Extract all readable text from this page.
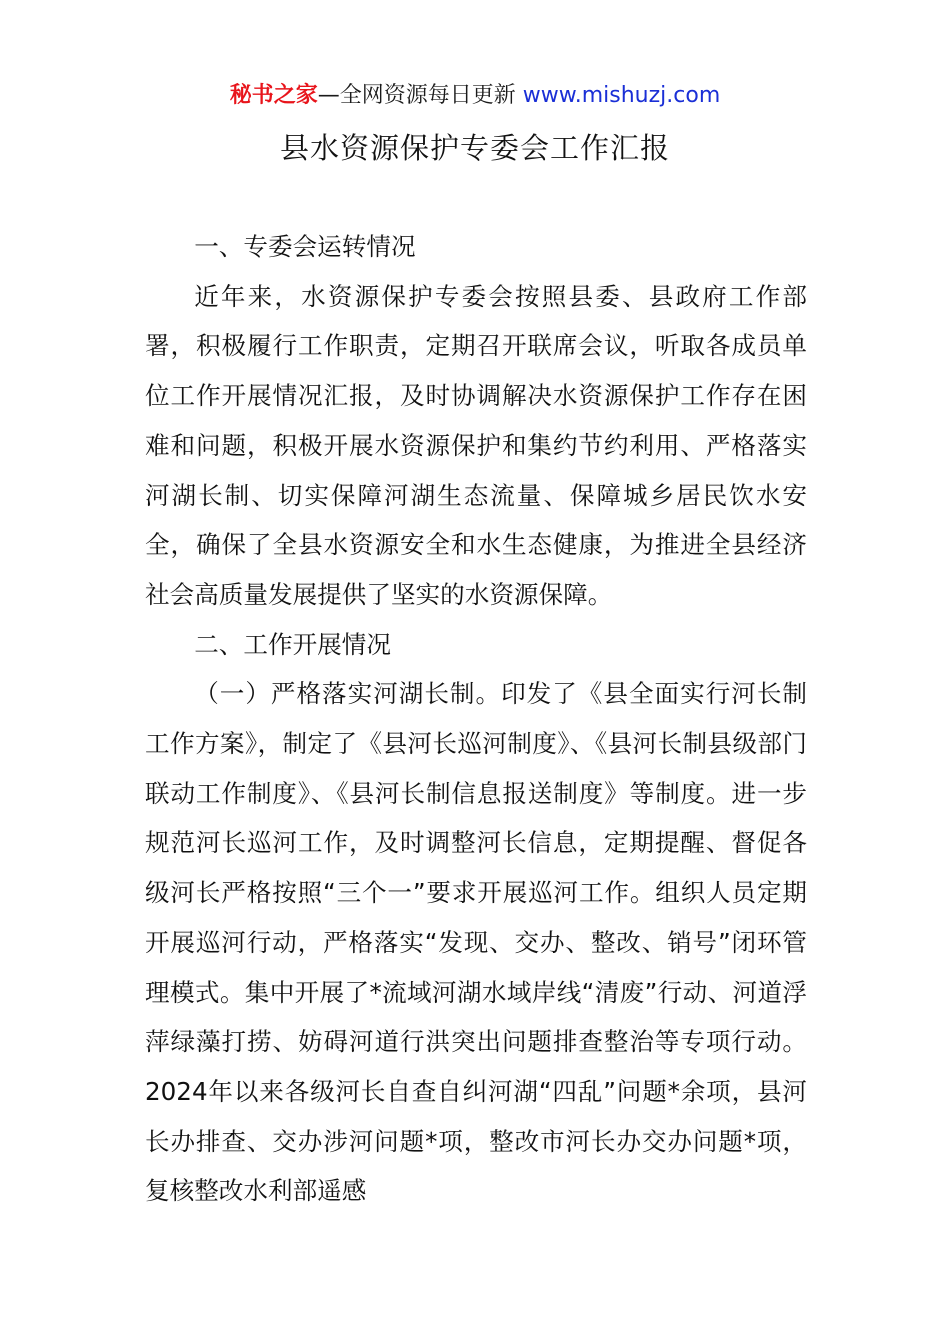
秘书之家—全网资源每日更新 www.mishuzj.com
县水资源保护专委会工作汇报

一、专委会运转情况

近年来，水资源保护专委会按照县委、县政府工作部署，积极履行工作职责，定期召开联席会议，听取各成员单位工作开展情况汇报，及时协调解决水资源保护工作存在困难和问题，积极开展水资源保护和集约节约利用、严格落实河湖长制、切实保障河湖生态流量、保障城乡居民饮水安全，确保了全县水资源安全和水生态健康，为推进全县经济社会高质量发展提供了坚实的水资源保障。

二、工作开展情况

（一）严格落实河湖长制。印发了《县全面实行河长制工作方案》，制定了《县河长巡河制度》、《县河长制县级部门联动工作制度》、《县河长制信息报送制度》等制度。进一步规范河长巡河工作，及时调整河长信息，定期提醒、督促各级河长严格按照“三个一”要求开展巡河工作。组织人员定期开展巡河行动，严格落实“发现、交办、整改、销号”闭环管理模式。集中开展了*流域河湖水域岸线“清废”行动、河道浮萍绿藻打捞、妨碍河道行洪突出问题排查整治等专项行动。2024年以来各级河长自查自纠河湖“四乱”问题*余项，县河长办排查、交办涉河问题*项，整改市河长办交办问题*项，复核整改水利部遥感
